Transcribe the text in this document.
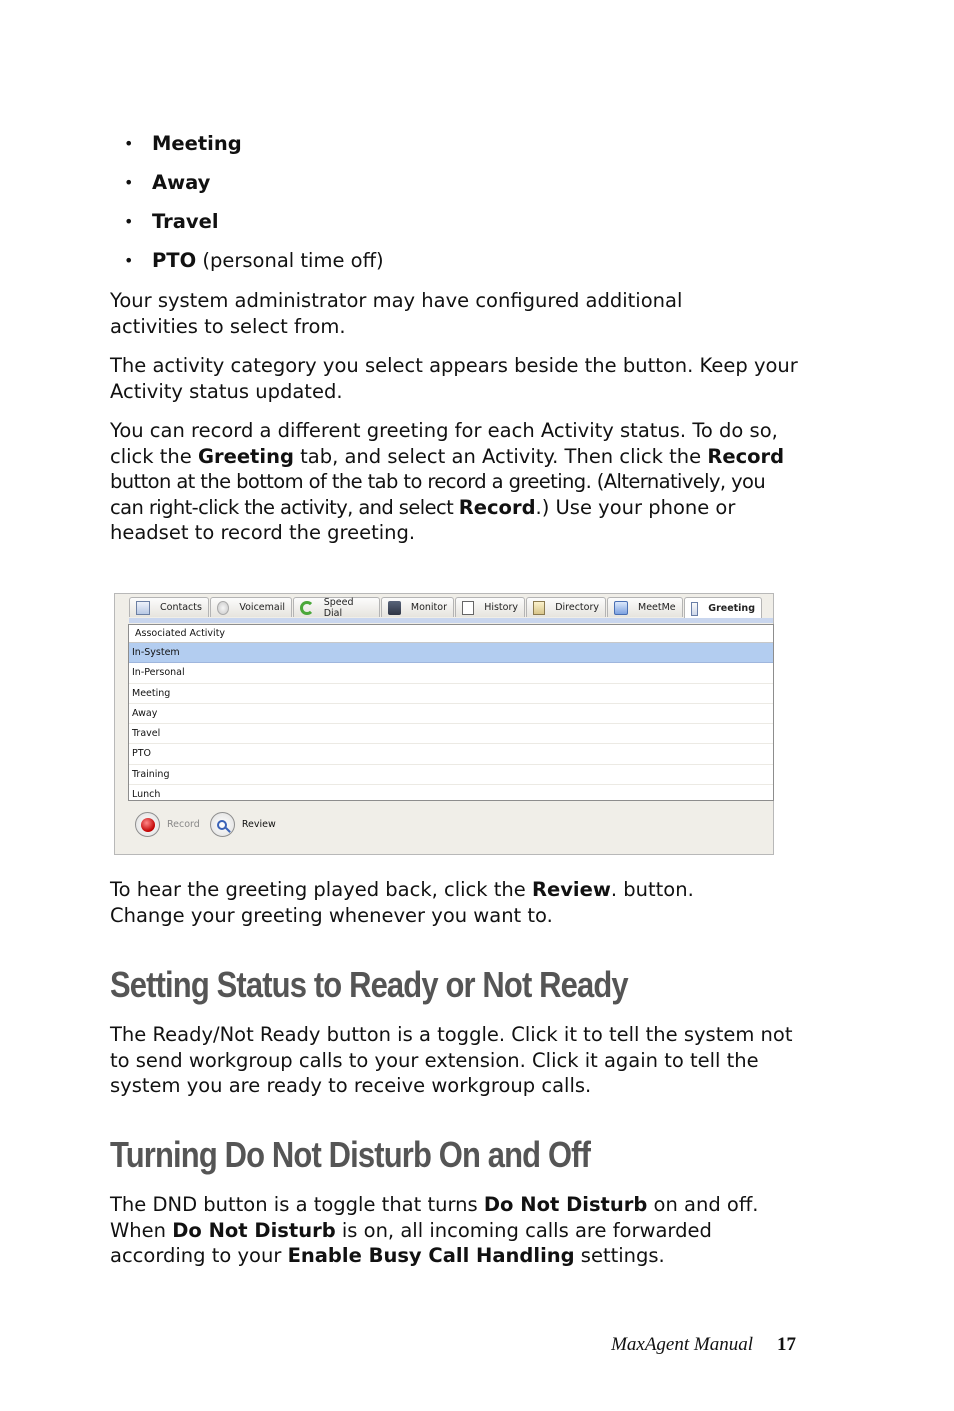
• Meeting
• Away
• Travel
• PTO (personal time off)

Your system administrator may have configured additional activities to select from.

The activity category you select appears beside the button. Keep your Activity status updated.

You can record a different greeting for each Activity status. To do so, click the Greeting tab, and select an Activity. Then click the Record button at the bottom of the tab to record a greeting. (Alternatively, you can right-click the activity, and select Record.) Use your phone or headset to record the greeting.

To hear the greeting played back, click the Review. button. Change your greeting whenever you want to.

Setting Status to Ready or Not Ready

The Ready/Not Ready button is a toggle. Click it to tell the system not to send workgroup calls to your extension. Click it again to tell the system you are ready to receive workgroup calls.

Turning Do Not Disturb On and Off

The DND button is a toggle that turns Do Not Disturb on and off. When Do Not Disturb is on, all incoming calls are forwarded according to your Enable Busy Call Handling settings.

Contacts	Voicemail	Speed Dial	Monitor	History	Directory	MeetMe	Greeting
Associated Activity
In-System
In-Personal
Meeting
Away
Travel
PTO
Training
Lunch
Record	Review
MaxAgent Manual 17
